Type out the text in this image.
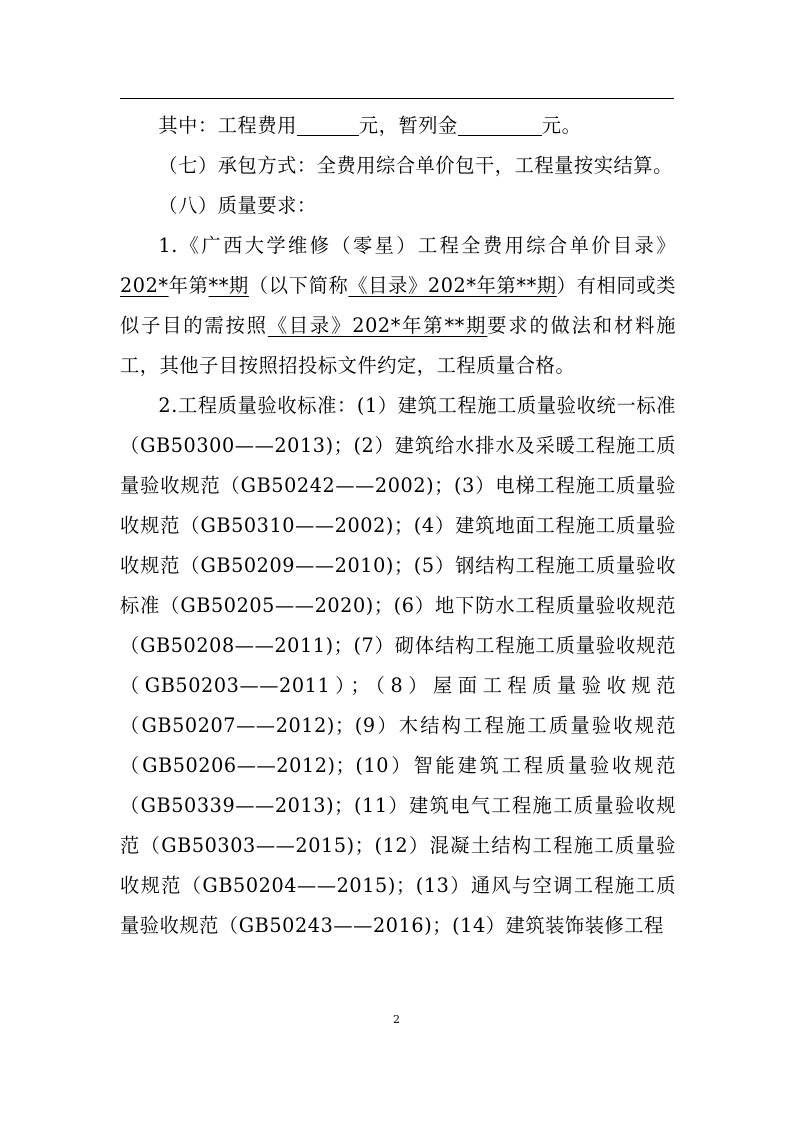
其中：工程费用	元，暂列金	元。

（七）承包方式：全费用综合单价包干，工程量按实结算。

（八）质量要求：

1.《广西大学维修（零星）工程全费用综合单价目录》202*年第**期（以下简称《目录》202*年第**期）有相同或类似子目的需按照《目录》202*年第**期要求的做法和材料施工，其他子目按照招投标文件约定，工程质量合格。

2.工程质量验收标准：(1）建筑工程施工质量验收统一标准（GB50300——2013)；(2）建筑给水排水及采暖工程施工质量验收规范（GB50242——2002)；(3）电梯工程施工质量验收规范（GB50310——2002)；(4）建筑地面工程施工质量验收规范（GB50209——2010)；(5）钢结构工程施工质量验收标准（GB50205——2020)；(6）地下防水工程质量验收规范（GB50208——2011)；(7）砌体结构工程施工质量验收规范（GB50203——2011）；（8）屋面工程质量验收规范（GB50207——2012)；(9）木结构工程施工质量验收规范（GB50206——2012)；(10）智能建筑工程质量验收规范（GB50339——2013)；(11）建筑电气工程施工质量验收规范（GB50303——2015)；(12）混凝土结构工程施工质量验收规范（GB50204——2015)；(13）通风与空调工程施工质量验收规范（GB50243——2016)；(14）建筑装饰装修工程

2
